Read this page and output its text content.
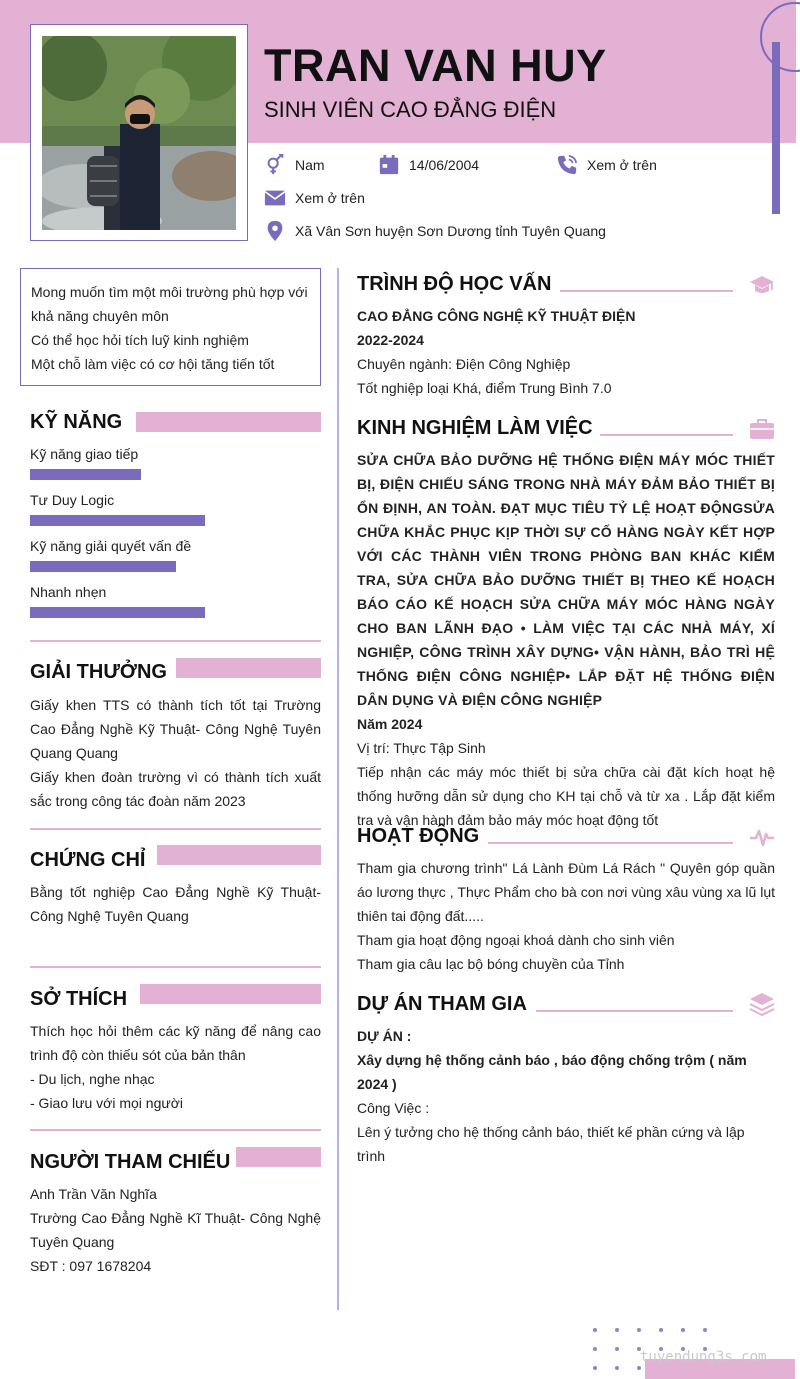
TRAN VAN HUY
SINH VIÊN CAO ĐẲNG ĐIỆN
Nam	14/06/2004	Xem ở trên
Xem ở trên
Xã Vân Sơn huyện Sơn Dương tỉnh Tuyên Quang
Mong muốn tìm một môi trường phù hợp với khả năng chuyên môn
Có thể học hỏi tích luỹ kinh nghiệm
Một chỗ làm việc có cơ hội tăng tiến tốt
KỸ NĂNG
Kỹ năng giao tiếp
Tư Duy Logic
Kỹ năng giải quyết vấn đề
Nhanh nhẹn
GIẢI THƯỞNG
Giấy khen TTS có thành tích tốt tại Trường Cao Đẳng Nghề Kỹ Thuật- Công Nghệ Tuyên Quang Quang
Giấy khen đoàn trường vì có thành tích xuất sắc trong công tác đoàn năm 2023
CHỨNG CHỈ
Bằng tốt nghiệp Cao Đẳng Nghề Kỹ Thuật- Công Nghệ Tuyên Quang
SỞ THÍCH
Thích học hỏi thêm các kỹ năng để nâng cao trình độ còn thiếu sót của bản thân
- Du lịch, nghe nhạc
- Giao lưu với mọi người
NGƯỜI THAM CHIẾU
Anh Trần Văn Nghĩa
Trường Cao Đẳng Nghề Kĩ Thuật- Công Nghệ Tuyên Quang
SĐT : 097 1678204
TRÌNH ĐỘ HỌC VẤN
CAO ĐẲNG CÔNG NGHỆ KỸ THUẬT ĐIỆN
2022-2024
Chuyên ngành: Điện Công Nghiệp
Tốt nghiệp loại Khá, điểm Trung Bình 7.0
KINH NGHIỆM LÀM VIỆC
SỬA CHỮA BẢO DƯỠNG HỆ THỐNG ĐIỆN MÁY MÓC THIẾT BỊ, ĐIỆN CHIẾU SÁNG TRONG NHÀ MÁY ĐẢM BẢO THIẾT BỊ ỔN ĐỊNH, AN TOÀN. ĐẠT MỤC TIÊU TỶ LỆ HOẠT ĐỘNGSỬA CHỮA KHẮC PHỤC KỊP THỜI SỰ CỐ HÀNG NGÀY KẾT HỢP VỚI CÁC THÀNH VIÊN TRONG PHÒNG BAN KHÁC KIỂM TRA, SỬA CHỮA BẢO DƯỠNG THIẾT BỊ THEO KẾ HOẠCH BÁO CÁO KẾ HOẠCH SỬA CHỮA MÁY MÓC HÀNG NGÀY CHO BAN LÃNH ĐẠO • LÀM VIỆC TẠI CÁC NHÀ MÁY, XÍ NGHIỆP, CÔNG TRÌNH XÂY DỰNG• VẬN HÀNH, BẢO TRÌ HỆ THỐNG ĐIỆN CÔNG NGHIỆP• LẮP ĐẶT HỆ THỐNG ĐIỆN DÂN DỤNG VÀ ĐIỆN CÔNG NGHIỆP
Năm 2024
Vị trí: Thực Tập Sinh
Tiếp nhận các máy móc thiết bị sửa chữa cài đặt kích hoạt hệ thống hưỡng dẫn sử dụng cho KH tại chỗ và từ xa . Lắp đặt kiểm tra và vận hành đảm bảo máy móc hoạt động tốt
HOẠT ĐỘNG
Tham gia chương trình" Lá Lành Đùm Lá Rách " Quyên góp quần áo lương thực , Thực Phẩm cho bà con nơi vùng xâu vùng xa lũ lụt thiên tai động đất.....
Tham gia hoạt động ngoại khoá dành cho sinh viên
Tham gia câu lạc bộ bóng chuyền của Tỉnh
DỰ ÁN THAM GIA
DỰ ÁN :
Xây dựng hệ thống cảnh báo , báo động chống trộm ( năm 2024 )
Công Việc :
Lên ý tưởng cho hệ thống cảnh báo, thiết kế phần cứng và lập trình
tuyendung3s.com
